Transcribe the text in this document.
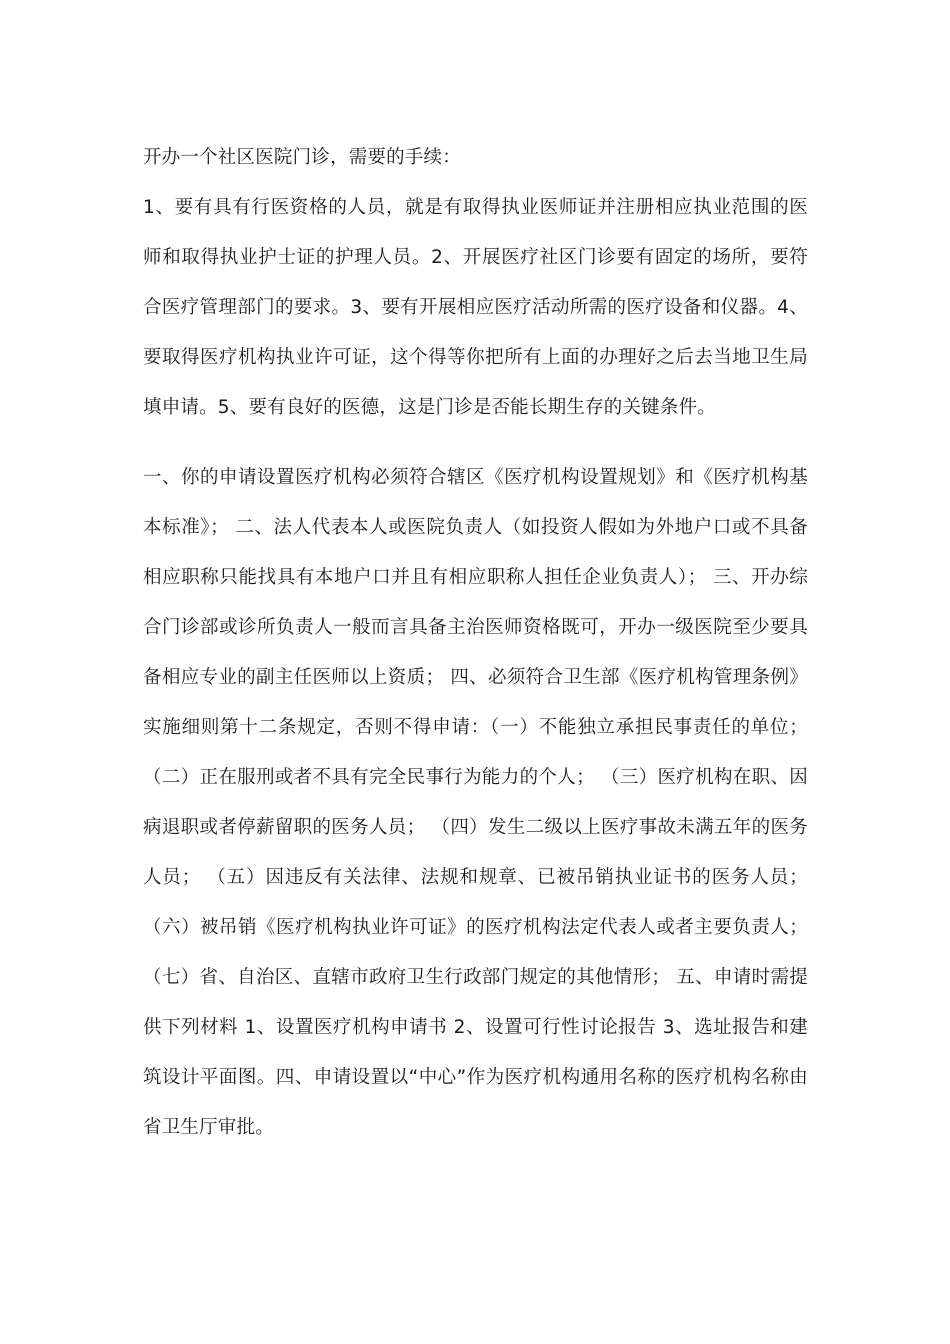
开办一个社区医院门诊，需要的手续：

1、要有具有行医资格的人员，就是有取得执业医师证并注册相应执业范围的医师和取得执业护士证的护理人员。2、开展医疗社区门诊要有固定的场所，要符合医疗管理部门的要求。3、要有开展相应医疗活动所需的医疗设备和仪器。4、要取得医疗机构执业许可证，这个得等你把所有上面的办理好之后去当地卫生局填申请。5、要有良好的医德，这是门诊是否能长期生存的关键条件。

一、你的申请设置医疗机构必须符合辖区《医疗机构设置规划》和《医疗机构基本标准》； 二、法人代表本人或医院负责人（如投资人假如为外地户口或不具备相应职称只能找具有本地户口并且有相应职称人担任企业负责人）； 三、开办综合门诊部或诊所负责人一般而言具备主治医师资格既可，开办一级医院至少要具备相应专业的副主任医师以上资质； 四、必须符合卫生部《医疗机构管理条例》实施细则第十二条规定，否则不得申请：（一）不能独立承担民事责任的单位； （二）正在服刑或者不具有完全民事行为能力的个人； （三）医疗机构在职、因病退职或者停薪留职的医务人员； （四）发生二级以上医疗事故未满五年的医务人员； （五）因违反有关法律、法规和规章、已被吊销执业证书的医务人员； （六）被吊销《医疗机构执业许可证》的医疗机构法定代表人或者主要负责人； （七）省、自治区、直辖市政府卫生行政部门规定的其他情形； 五、申请时需提供下列材料 1、设置医疗机构申请书 2、设置可行性讨论报告 3、选址报告和建筑设计平面图。四、申请设置以“中心”作为医疗机构通用名称的医疗机构名称由省卫生厅审批。
